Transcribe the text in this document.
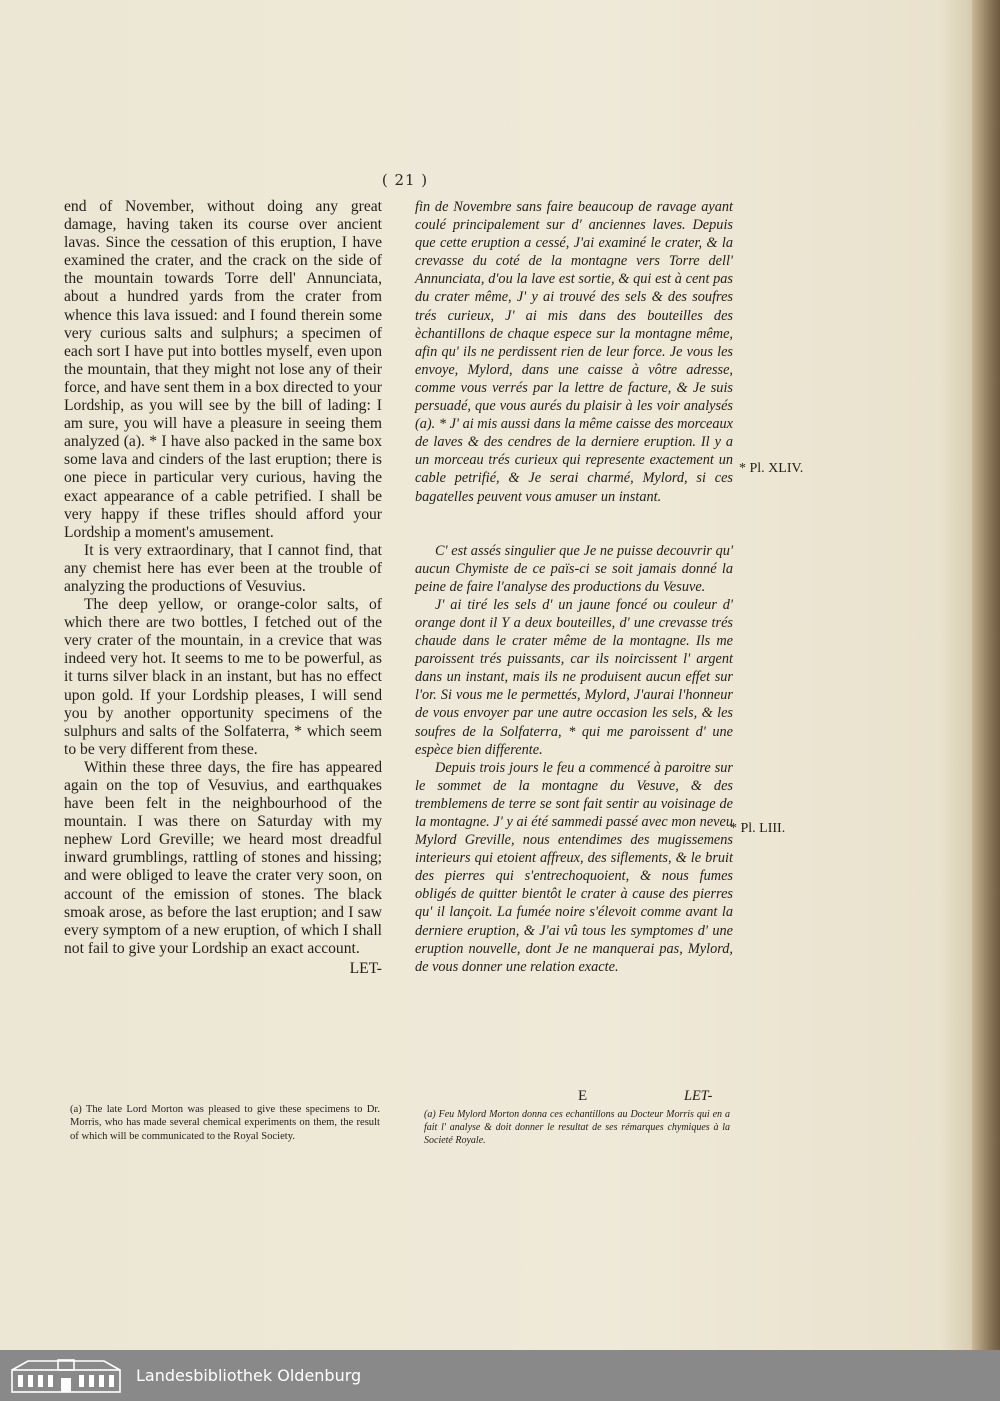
( 21 )

end of November, without doing any great damage, having taken its course over ancient lavas. Since the cessation of this eruption, I have examined the crater, and the crack on the side of the mountain towards Torre dell' Annunciata, about a hundred yards from the crater from whence this lava issued: and I found therein some very curious salts and sulphurs; a specimen of each sort I have put into bottles myself, even upon the mountain, that they might not lose any of their force, and have sent them in a box directed to your Lordship, as you will see by the bill of lading: I am sure, you will have a pleasure in seeing them analyzed (a). * I have also packed in the same box some lava and cinders of the last eruption; there is one piece in particular very curious, having the exact appearance of a cable petrified. I shall be very happy if these trifles should afford your Lordship a moment's amusement.

It is very extraordinary, that I cannot find, that any chemist here has ever been at the trouble of analyzing the productions of Vesuvius.

The deep yellow, or orange-color salts, of which there are two bottles, I fetched out of the very crater of the mountain, in a crevice that was indeed very hot. It seems to me to be powerful, as it turns silver black in an instant, but has no effect upon gold. If your Lordship pleases, I will send you by another opportunity specimens of the sulphurs and salts of the Solfaterra, * which seem to be very different from these.

Within these three days, the fire has appeared again on the top of Vesuvius, and earthquakes have been felt in the neighbourhood of the mountain. I was there on Saturday with my nephew Lord Greville; we heard most dreadful inward grumblings, rattling of stones and hissing; and were obliged to leave the crater very soon, on account of the emission of stones. The black smoak arose, as before the last eruption; and I saw every symptom of a new eruption, of which I shall not fail to give your Lordship an exact account.

LET-
(a) The late Lord Morton was pleased to give these specimens to Dr. Morris, who has made several chemical experiments on them, the result of which will be communicated to the Royal Society.

fin de Novembre sans faire beaucoup de ravage ayant coulé principalement sur d' anciennes laves. Depuis que cette eruption a cessé, J'ai examiné le crater, & la crevasse du coté de la montagne vers Torre dell' Annunciata, d'ou la lave est sortie, & qui est à cent pas du crater même, J' y ai trouvé des sels & des soufres trés curieux, J' ai mis dans des bouteilles des èchantillons de chaque espece sur la montagne même, afin qu' ils ne perdissent rien de leur force. Je vous les envoye, Mylord, dans une caisse à vôtre adresse, comme vous verrés par la lettre de facture, & Je suis persuadé, que vous aurés du plaisir à les voir analysés (a). * J' ai mis aussi dans la même caisse des morceaux de laves & des cendres de la derniere eruption. Il y a un morceau trés curieux qui represente exactement un cable petrifié, & Je serai charmé, Mylord, si ces bagatelles peuvent vous amuser un instant.

C' est assés singulier que Je ne puisse decouvrir qu' aucun Chymiste de ce païs-ci se soit jamais donné la peine de faire l'analyse des productions du Vesuve.

J' ai tiré les sels d' un jaune foncé ou couleur d' orange dont il Y a deux bouteilles, d' une crevasse trés chaude dans le crater même de la montagne. Ils me paroissent trés puissants, car ils noircissent l' argent dans un instant, mais ils ne produisent aucun effet sur l'or. Si vous me le permettés, Mylord, J'aurai l'honneur de vous envoyer par une autre occasion les sels, & les soufres de la Solfaterra, * qui me paroissent d' une espèce bien differente.

Depuis trois jours le feu a commencé à paroitre sur le sommet de la montagne du Vesuve, & des tremblemens de terre se sont fait sentir au voisinage de la montagne. J' y ai été sammedi passé avec mon neveu Mylord Greville, nous entendimes des mugissemens interieurs qui etoient affreux, des siflements, & le bruit des pierres qui s'entrechoquoient, & nous fumes obligés de quitter bientôt le crater à cause des pierres qu' il lançoit. La fumée noire s'élevoit comme avant la derniere eruption, & J'ai vû tous les symptomes d' une eruption nouvelle, dont Je ne manquerai pas, Mylord, de vous donner une relation exacte.

E	LET-
(a) Feu Mylord Morton donna ces echantillons au Docteur Morris qui en a fait l' analyse & doit donner le resultat de ses rémarques chymiques à la Societé Royale.
* Pl. XLIV.
* Pl. LIII.
Landesbibliothek Oldenburg
